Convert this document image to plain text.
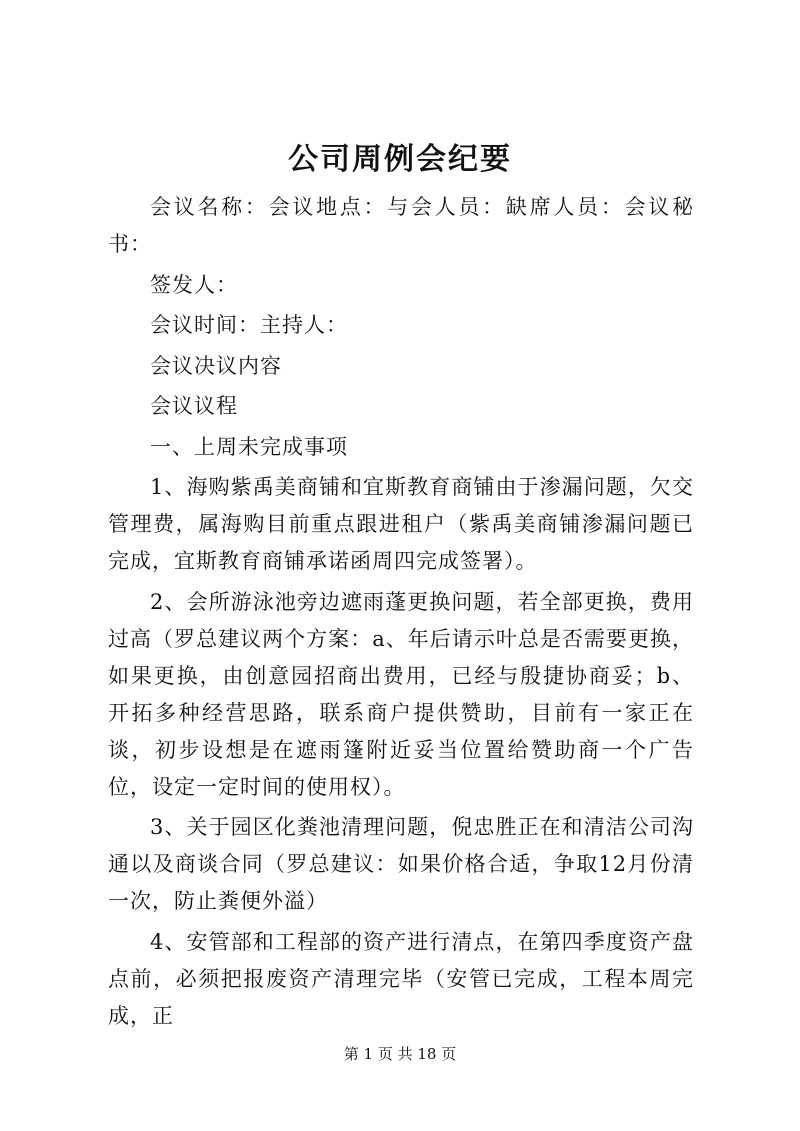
公司周例会纪要

会议名称：会议地点：与会人员：缺席人员：会议秘书：

签发人：

会议时间：主持人：

会议决议内容

会议议程

一、上周未完成事项

1、海购紫禹美商铺和宜斯教育商铺由于渗漏问题，欠交管理费，属海购目前重点跟进租户（紫禹美商铺渗漏问题已完成，宜斯教育商铺承诺函周四完成签署）。

2、会所游泳池旁边遮雨蓬更换问题，若全部更换，费用过高（罗总建议两个方案：a、年后请示叶总是否需要更换，如果更换，由创意园招商出费用，已经与殷捷协商妥；b、开拓多种经营思路，联系商户提供赞助，目前有一家正在谈，初步设想是在遮雨篷附近妥当位置给赞助商一个广告位，设定一定时间的使用权）。

3、关于园区化粪池清理问题，倪忠胜正在和清洁公司沟通以及商谈合同（罗总建议：如果价格合适，争取12月份清一次，防止粪便外溢）

4、安管部和工程部的资产进行清点，在第四季度资产盘点前，必须把报废资产清理完毕（安管已完成，工程本周完成，正

第 1 页 共 18 页
